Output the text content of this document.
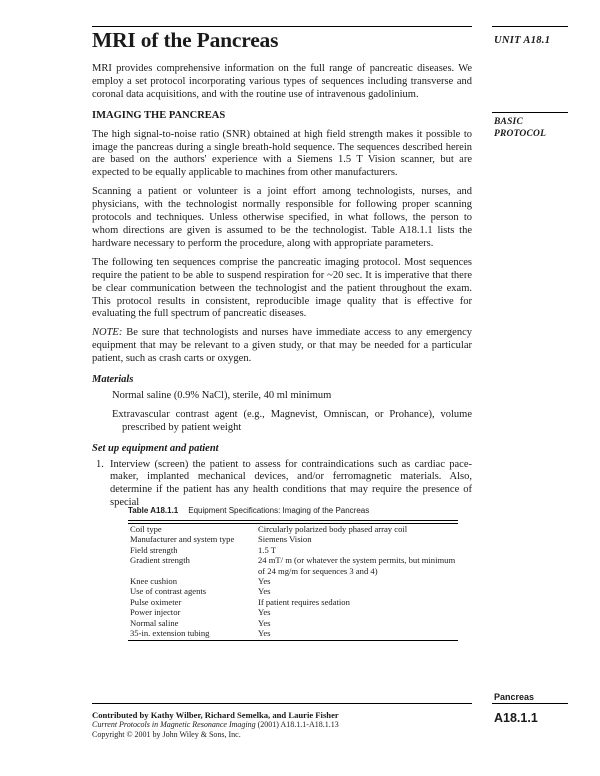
MRI of the Pancreas	UNIT A18.1
BASIC
PROTOCOL

MRI provides comprehensive information on the full range of pancreatic diseases. We employ a set protocol incorporating various types of sequences including transverse and coronal data acquisitions, and with the routine use of intravenous gadolinium.

IMAGING THE PANCREAS

The high signal-to-noise ratio (SNR) obtained at high field strength makes it possible to image the pancreas during a single breath-hold sequence. The sequences described herein are based on the authors' experience with a Siemens 1.5 T Vision scanner, but are expected to be equally applicable to machines from other manufacturers.

Scanning a patient or volunteer is a joint effort among technologists, nurses, and physicians, with the technologist normally responsible for following proper scanning protocols and techniques. Unless otherwise specified, in what follows, the person to whom directions are given is assumed to be the technologist. Table A18.1.1 lists the hardware necessary to perform the procedure, along with appropriate parameters.

The following ten sequences comprise the pancreatic imaging protocol. Most sequences require the patient to be able to suspend respiration for ~20 sec. It is imperative that there be clear communication between the technologist and the patient throughout the exam. This protocol results in consistent, reproducible image quality that is effective for evaluating the full spectrum of pancreatic diseases.

NOTE: Be sure that technologists and nurses have immediate access to any emergency equipment that may be relevant to a given study, or that may be needed for a particular patient, such as crash carts or oxygen.

Materials

Normal saline (0.9% NaCl), sterile, 40 ml minimum

Extravascular contrast agent (e.g., Magnevist, Omniscan, or Prohance), volume prescribed by patient weight

Set up equipment and patient

1. Interview (screen) the patient to assess for contraindications such as cardiac pace-maker, implanted mechanical devices, and/or ferromagnetic materials. Also, determine if the patient has any health conditions that may require the presence of special

Table A18.1.1 Equipment Specifications: Imaging of the Pancreas
Coil type	Circularly polarized body phased array coil
Manufacturer and system type	Siemens Vision
Field strength	1.5 T
Gradient strength	24 mT/ m (or whatever the system permits, but minimum of 24 mg/m for sequences 3 and 4)
Knee cushion	Yes
Use of contrast agents	Yes
Pulse oximeter	If patient requires sedation
Power injector	Yes
Normal saline	Yes
35-in. extension tubing	Yes
Contributed by Kathy Wilber, Richard Semelka, and Laurie Fisher
Current Protocols in Magnetic Resonance Imaging (2001) A18.1.1-A18.1.13
Copyright © 2001 by John Wiley & Sons, Inc.
Pancreas
A18.1.1
